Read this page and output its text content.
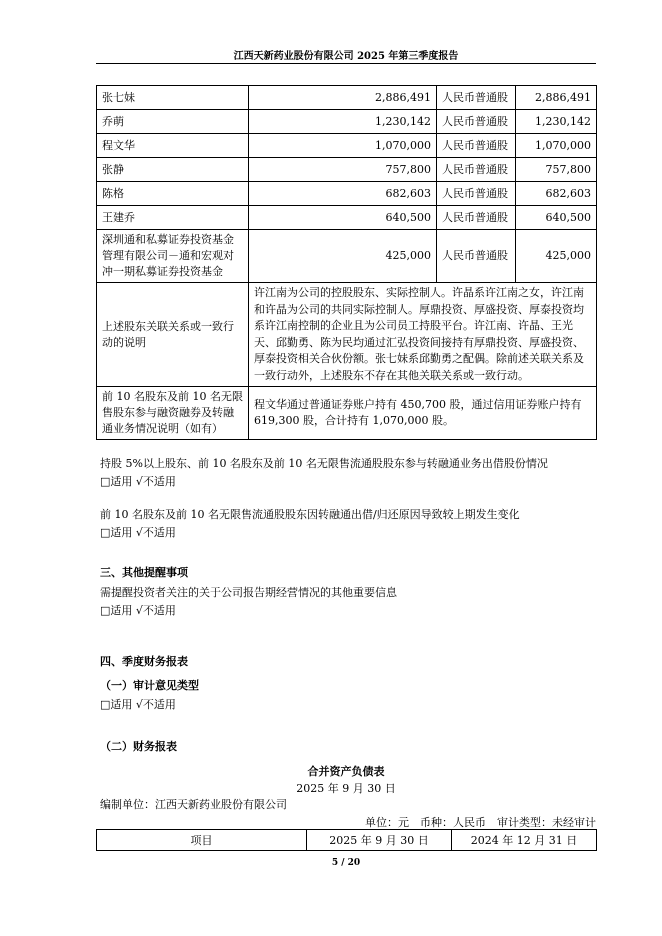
江西天新药业股份有限公司 2025 年第三季度报告
张七妹	2,886,491	人民币普通股	2,886,491
乔萌	1,230,142	人民币普通股	1,230,142
程文华	1,070,000	人民币普通股	1,070,000
张静	757,800	人民币普通股	757,800
陈格	682,603	人民币普通股	682,603
王建乔	640,500	人民币普通股	640,500
深圳通和私募证券投资基金管理有限公司－通和宏观对冲一期私募证券投资基金	425,000	人民币普通股	425,000
上述股东关联关系或一致行动的说明	许江南为公司的控股股东、实际控制人。许晶系许江南之女，许江南和许晶为公司的共同实际控制人。厚鼎投资、厚盛投资、厚泰投资均系许江南控制的企业且为公司员工持股平台。许江南、许晶、王光天、邱勤勇、陈为民均通过汇弘投资间接持有厚鼎投资、厚盛投资、厚泰投资相关合伙份额。张七妹系邱勤勇之配偶。除前述关联关系及一致行动外，上述股东不存在其他关联关系或一致行动。		
前 10 名股东及前 10 名无限售股东参与融资融券及转融通业务情况说明（如有）	程文华通过普通证券账户持有 450,700 股，通过信用证券账户持有 619,300 股，合计持有 1,070,000 股。		
持股 5%以上股东、前 10 名股东及前 10 名无限售流通股股东参与转融通业务出借股份情况
□适用 √不适用
前 10 名股东及前 10 名无限售流通股股东因转融通出借/归还原因导致较上期发生变化
□适用 √不适用
三、其他提醒事项
需提醒投资者关注的关于公司报告期经营情况的其他重要信息
□适用 √不适用
四、季度财务报表
（一）审计意见类型
□适用 √不适用
（二）财务报表
合并资产负债表
2025 年 9 月 30 日
编制单位：江西天新药业股份有限公司
单位：元　币种：人民币　审计类型：未经审计
项目	2025 年 9 月 30 日	2024 年 12 月 31 日
5 / 20
